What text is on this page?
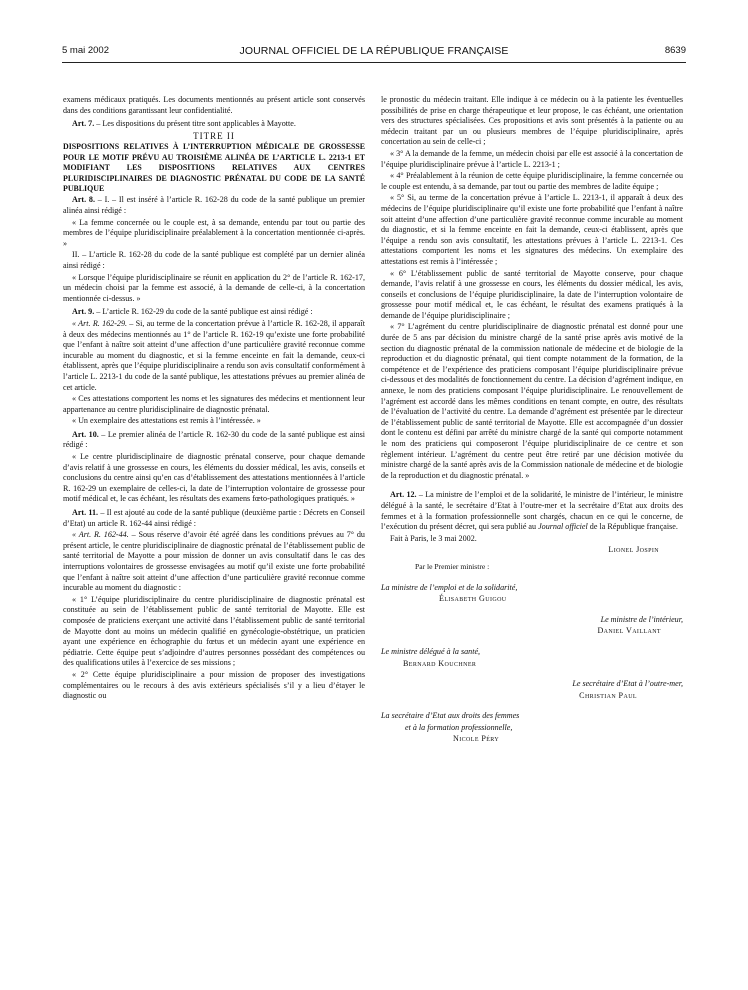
5 mai 2002	JOURNAL OFFICIEL DE LA RÉPUBLIQUE FRANÇAISE	8639

examens médicaux pratiqués. Les documents mentionnés au présent article sont conservés dans des conditions garantissant leur confidentialité.

Art. 7. – Les dispositions du présent titre sont applicables à Mayotte.

TITRE II

DISPOSITIONS RELATIVES À L’INTERRUPTION MÉDICALE DE GROSSESSE POUR LE MOTIF PRÉVU AU TROISIÈME ALINÉA DE L’ARTICLE L. 2213-1 ET MODIFIANT LES DISPOSITIONS RELATIVES AUX CENTRES PLURIDISCIPLINAIRES DE DIAGNOSTIC PRÉNATAL DU CODE DE LA SANTÉ PUBLIQUE

Art. 8. – I. – Il est inséré à l’article R. 162-28 du code de la santé publique un premier alinéa ainsi rédigé :

« La femme concernée ou le couple est, à sa demande, entendu par tout ou partie des membres de l’équipe pluridisciplinaire préalablement à la concertation mentionnée ci-après. »

II. – L’article R. 162-28 du code de la santé publique est complété par un dernier alinéa ainsi rédigé :

« Lorsque l’équipe pluridisciplinaire se réunit en application du 2° de l’article R. 162-17, un médecin choisi par la femme est associé, à la demande de celle-ci, à la concertation mentionnée ci-dessus. »

Art. 9. – L’article R. 162-29 du code de la santé publique est ainsi rédigé :

« Art. R. 162-29. – Si, au terme de la concertation prévue à l’article R. 162-28, il apparaît à deux des médecins mentionnés au 1° de l’article R. 162-19 qu’existe une forte probabilité que l’enfant à naître soit atteint d’une affection d’une particulière gravité reconnue comme incurable au moment du diagnostic, et si la femme enceinte en fait la demande, ceux-ci établissent, après que l’équipe pluridisciplinaire a rendu son avis consultatif conformément à l’article L. 2213-1 du code de la santé publique, les attestations prévues au premier alinéa de cet article.

« Ces attestations comportent les noms et les signatures des médecins et mentionnent leur appartenance au centre pluridisciplinaire de diagnostic prénatal.

« Un exemplaire des attestations est remis à l’intéressée. »

Art. 10. – Le premier alinéa de l’article R. 162-30 du code de la santé publique est ainsi rédigé :

« Le centre pluridisciplinaire de diagnostic prénatal conserve, pour chaque demande d’avis relatif à une grossesse en cours, les éléments du dossier médical, les avis, conseils et conclusions du centre ainsi qu’en cas d’établissement des attestations mentionnées à l’article R. 162-29 un exemplaire de celles-ci, la date de l’interruption volontaire de grossesse pour motif médical et, le cas échéant, les résultats des examens fœto-pathologiques pratiqués. »

Art. 11. – Il est ajouté au code de la santé publique (deuxième partie : Décrets en Conseil d’Etat) un article R. 162-44 ainsi rédigé :

« Art. R. 162-44. – Sous réserve d’avoir été agréé dans les conditions prévues au 7° du présent article, le centre pluridisciplinaire de diagnostic prénatal de l’établissement public de santé territorial de Mayotte a pour mission de donner un avis consultatif dans le cas des interruptions volontaires de grossesse envisagées au motif qu’il existe une forte probabilité que l’enfant à naître soit atteint d’une affection d’une particulière gravité reconnue comme incurable au moment du diagnostic :

« 1° L’équipe pluridisciplinaire du centre pluridisciplinaire de diagnostic prénatal est constituée au sein de l’établissement public de santé territorial de Mayotte. Elle est composée de praticiens exerçant une activité dans l’établissement public de santé territorial de Mayotte dont au moins un médecin qualifié en gynécologie-obstétrique, un praticien ayant une expérience en échographie du fœtus et un médecin ayant une expérience en pédiatrie. Cette équipe peut s’adjoindre d’autres personnes possédant des compétences ou des qualifications utiles à l’exercice de ses missions ;

« 2° Cette équipe pluridisciplinaire a pour mission de proposer des investigations complémentaires ou le recours à des avis extérieurs spécialisés s’il y a lieu d’étayer le diagnostic ou

le pronostic du médecin traitant. Elle indique à ce médecin ou à la patiente les éventuelles possibilités de prise en charge thérapeutique et leur propose, le cas échéant, une orientation vers des structures spécialisées. Ces propositions et avis sont présentés à la patiente ou au médecin traitant par un ou plusieurs membres de l’équipe pluridisciplinaire, après concertation au sein de celle-ci ;

« 3° A la demande de la femme, un médecin choisi par elle est associé à la concertation de l’équipe pluridisciplinaire prévue à l’article L. 2213-1 ;

« 4° Préalablement à la réunion de cette équipe pluridisciplinaire, la femme concernée ou le couple est entendu, à sa demande, par tout ou partie des membres de ladite équipe ;

« 5° Si, au terme de la concertation prévue à l’article L. 2213-1, il apparaît à deux des médecins de l’équipe pluridisciplinaire qu’il existe une forte probabilité que l’enfant à naître soit atteint d’une affection d’une particulière gravité reconnue comme incurable au moment du diagnostic, et si la femme enceinte en fait la demande, ceux-ci établissent, après que l’équipe a rendu son avis consultatif, les attestations prévues à l’article L. 2213-1. Ces attestations comportent les noms et les signatures des médecins. Un exemplaire des attestations est remis à l’intéressée ;

« 6° L’établissement public de santé territorial de Mayotte conserve, pour chaque demande, l’avis relatif à une grossesse en cours, les éléments du dossier médical, les avis, conseils et conclusions de l’équipe pluridisciplinaire, la date de l’interruption volontaire de grossesse pour motif médical et, le cas échéant, le résultat des examens pratiqués à la demande de l’équipe pluridisciplinaire ;

« 7° L’agrément du centre pluridisciplinaire de diagnostic prénatal est donné pour une durée de 5 ans par décision du ministre chargé de la santé prise après avis motivé de la section du diagnostic prénatal de la commission nationale de médecine et de biologie de la reproduction et du diagnostic prénatal, qui tient compte notamment de la formation, de la compétence et de l’expérience des praticiens composant l’équipe pluridisciplinaire prévue ci-dessous et des modalités de fonctionnement du centre. La décision d’agrément indique, en annexe, le nom des praticiens composant l’équipe pluridisciplinaire. Le renouvellement de l’agrément est accordé dans les mêmes conditions en tenant compte, en outre, des résultats de l’évaluation de l’activité du centre. La demande d’agrément est présentée par le directeur de l’établissement public de santé territorial de Mayotte. Elle est accompagnée d’un dossier dont le contenu est défini par arrêté du ministre chargé de la santé qui comporte notamment le nom des praticiens qui composeront l’équipe pluridisciplinaire de ce centre et son règlement intérieur. L’agrément du centre peut être retiré par une décision motivée du ministre chargé de la santé après avis de la Commission nationale de médecine et de biologie de la reproduction et du diagnostic prénatal. »

Art. 12. – La ministre de l’emploi et de la solidarité, le ministre de l’intérieur, le ministre délégué à la santé, le secrétaire d’Etat à l’outre-mer et la secrétaire d’Etat aux droits des femmes et à la formation professionnelle sont chargés, chacun en ce qui le concerne, de l’exécution du présent décret, qui sera publié au Journal officiel de la République française.

Fait à Paris, le 3 mai 2002.

Lionel Jospin

Par le Premier ministre :

La ministre de l’emploi et de la solidarité,

Élisabeth Guigou

Le ministre de l’intérieur,

Daniel Vaillant

Le ministre délégué à la santé,

Bernard Kouchner

Le secrétaire d’Etat à l’outre-mer,

Christian Paul

La secrétaire d’Etat aux droits des femmes

et à la formation professionnelle,

Nicole Péry
